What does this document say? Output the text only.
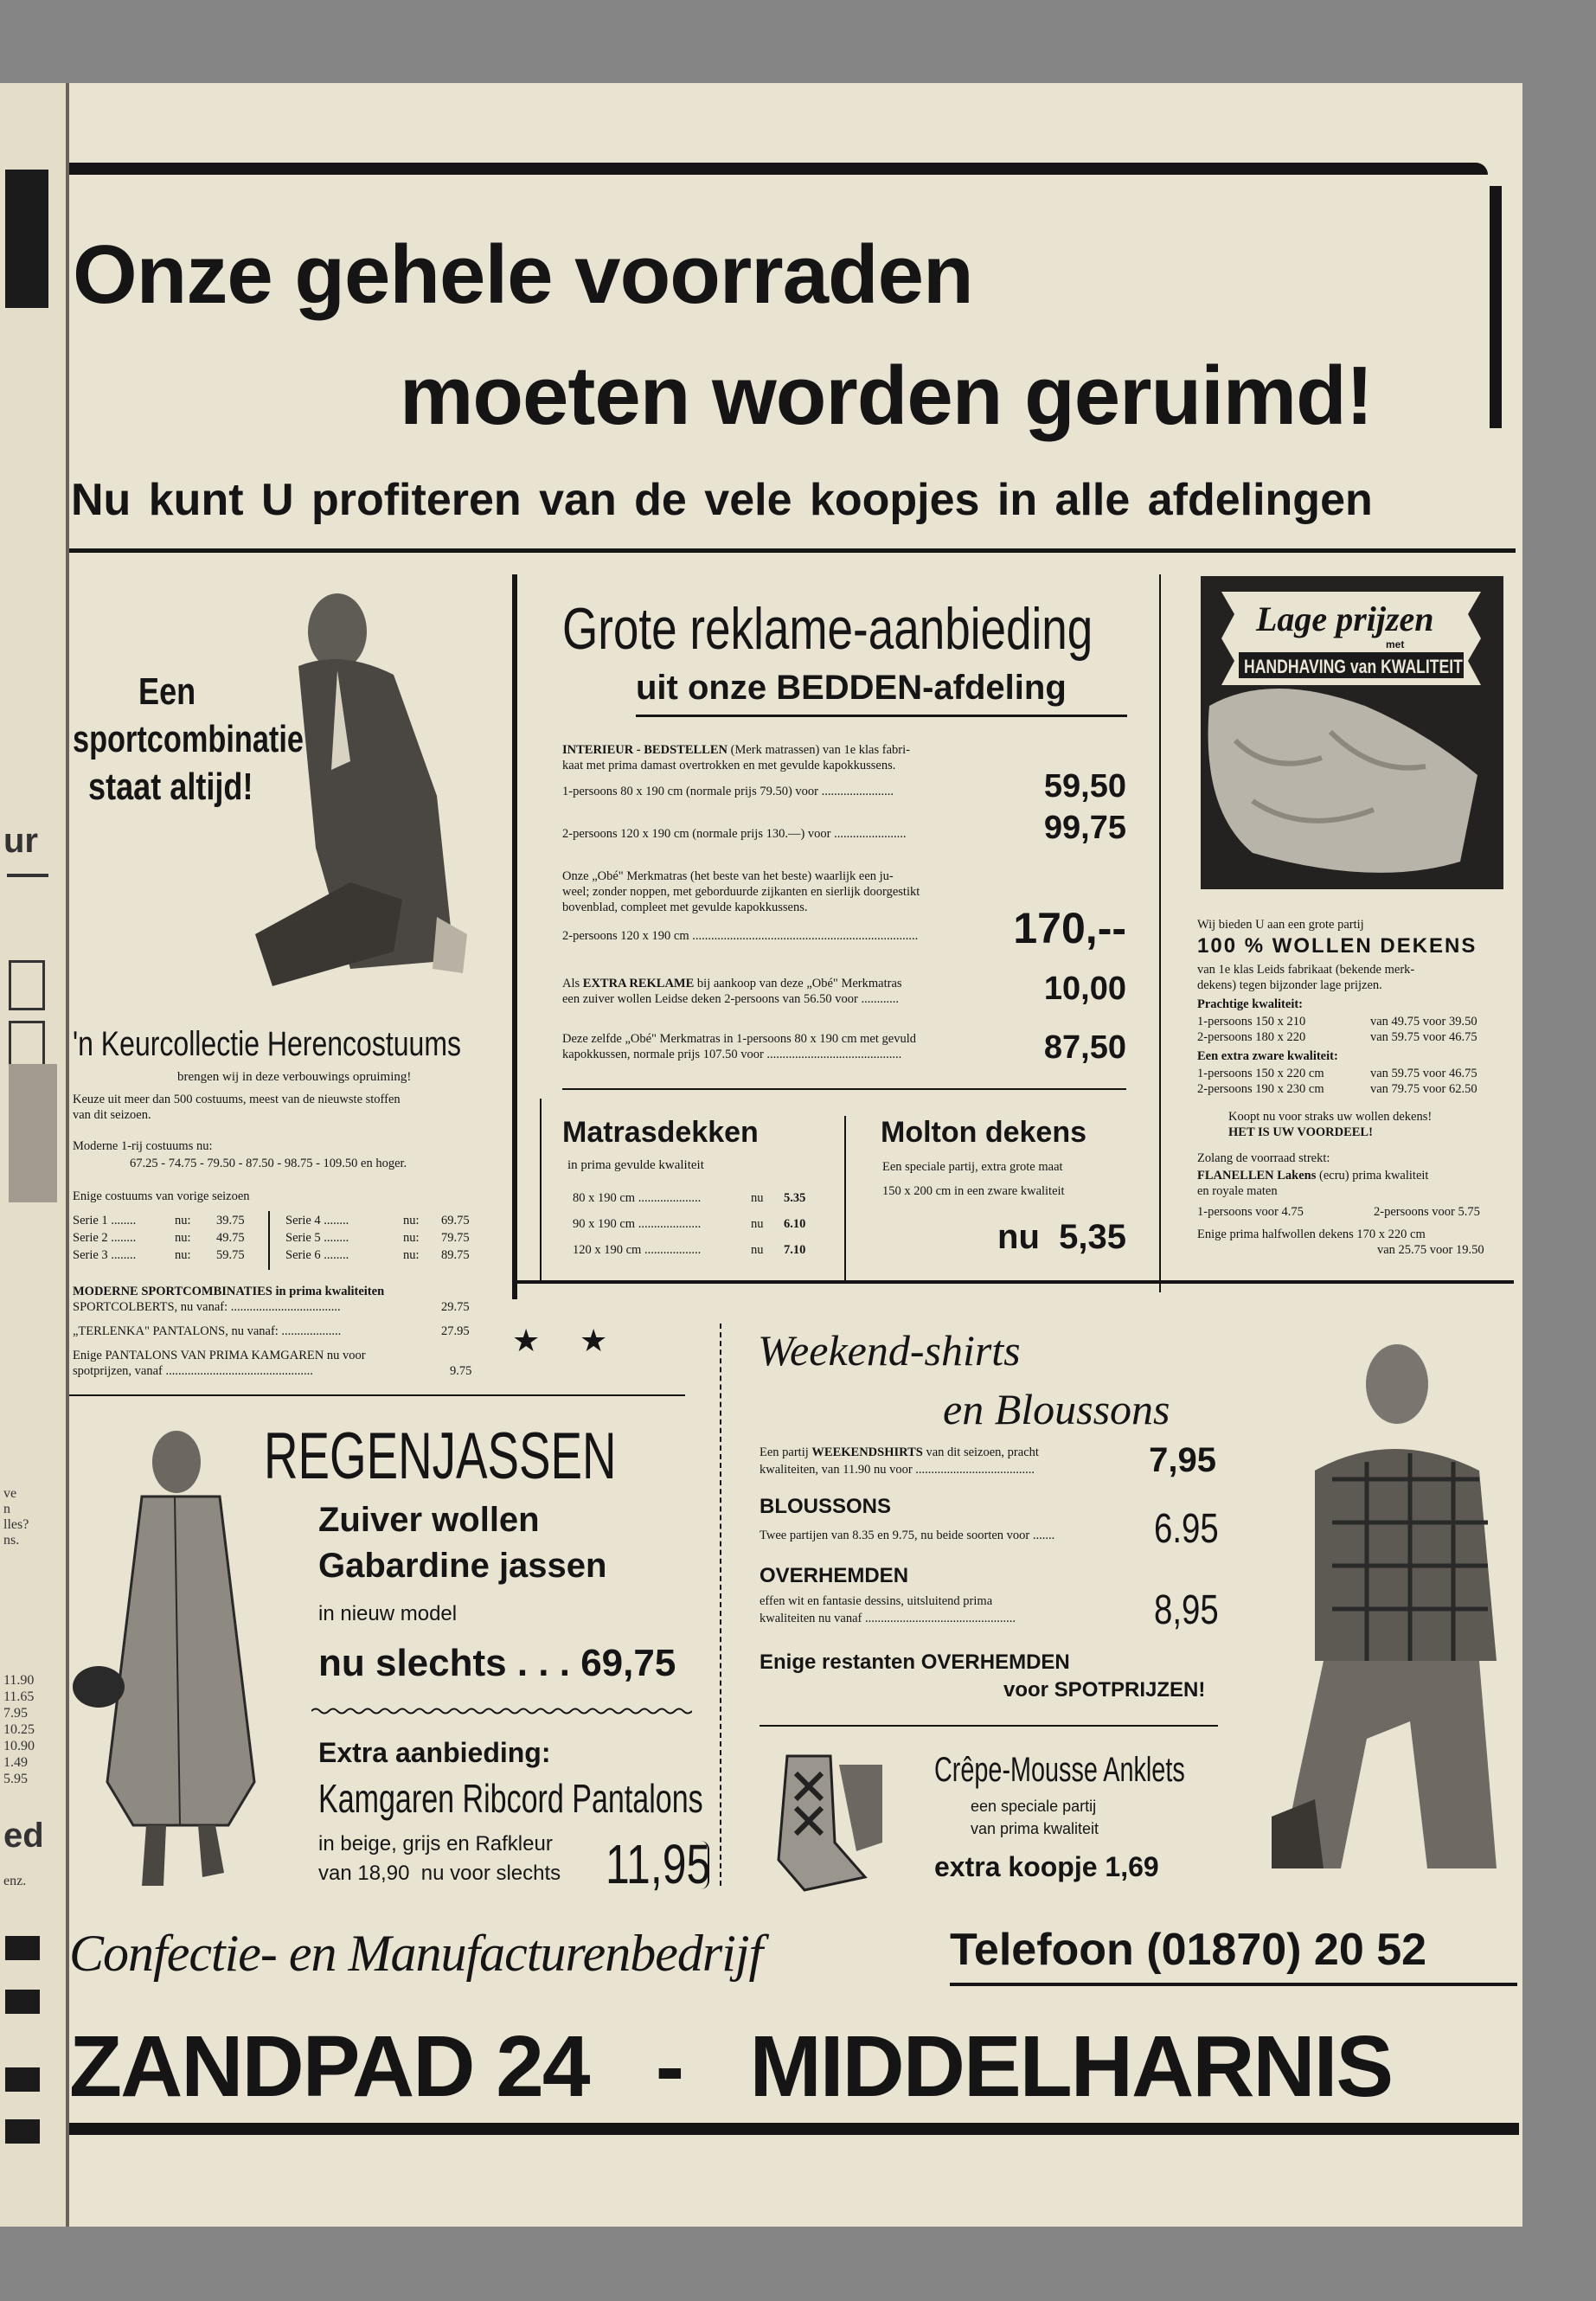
ur
ve
n
lles?
ns.
11.90
11.65
7.95
10.25
10.90
1.49
5.95
ed
enz.
Onze gehele voorraden
moeten worden geruimd!
Nu kunt U profiteren van de vele koopjes in alle afdelingen
Een
sportcombinatie
staat altijd!
'n Keurcollectie Herencostuums
brengen wij in deze verbouwings opruiming!
Keuze uit meer dan 500 costuums, meest van de nieuwste stoffen
van dit seizoen.
Moderne 1-rij costuums nu:
67.25 - 74.75 - 79.50 - 87.50 - 98.75 - 109.50 en hoger.
Enige costuums van vorige seizoen
Serie 1 ........	nu: 39.75
Serie 2 ........	nu: 49.75
Serie 3 ........	nu: 59.75
Serie 4 ........	nu: 69.75
Serie 5 ........	nu: 79.75
Serie 6 ........	nu: 89.75
MODERNE SPORTCOMBINATIES in prima kwaliteiten
SPORTCOLBERTS, nu vanaf: ...................................	29.75
„TERLENKA" PANTALONS, nu vanaf: ...................	27.95
Enige PANTALONS VAN PRIMA KAMGAREN nu voor
spotprijzen, vanaf ...............................................	9.75
★    ★
Grote reklame-aanbieding
uit onze BEDDEN-afdeling
INTERIEUR - BEDSTELLEN (Merk matrassen) van 1e klas fabri-
kaat met prima damast overtrokken en met gevulde kapokkussens.
1-persoons 80 x 190 cm (normale prijs 79.50) voor .......................	59,50
2-persoons 120 x 190 cm (normale prijs 130.—) voor .......................	99,75
Onze „Obé" Merkmatras (het beste van het beste) waarlijk een ju-
weel; zonder noppen, met geborduurde zijkanten en sierlijk doorgestikt
bovenblad, compleet met gevulde kapokkussens.
2-persoons 120 x 190 cm ........................................................................	170,--
Als EXTRA REKLAME bij aankoop van deze „Obé" Merkmatras
een zuiver wollen Leidse deken 2-persoons van 56.50 voor ............	10,00
Deze zelfde „Obé" Merkmatras in 1-persoons 80 x 190 cm met gevuld
kapokkussen, normale prijs 107.50 voor ...........................................	87,50
Matrasdekken
in prima gevulde kwaliteit
80 x 190 cm ....................	nu 5.35
90 x 190 cm ....................	nu 6.10
120 x 190 cm ..................	nu 7.10
Molton dekens
Een speciale partij, extra grote maat
150 x 200 cm in een zware kwaliteit
nu  5,35
Lage prijzen
met
HANDHAVING van KWALITEIT
Wij bieden U aan een grote partij
100 % WOLLEN DEKENS
van 1e klas Leids fabrikaat (bekende merk-
dekens) tegen bijzonder lage prijzen.
Prachtige kwaliteit:
1-persoons 150 x 210	van 49.75 voor 39.50
2-persoons 180 x 220	van 59.75 voor 46.75
Een extra zware kwaliteit:
1-persoons 150 x 220 cm	van 59.75 voor 46.75
2-persoons 190 x 230 cm	van 79.75 voor 62.50
Koopt nu voor straks uw wollen dekens!
HET IS UW VOORDEEL!
Zolang de voorraad strekt:
FLANELLEN Lakens (ecru) prima kwaliteit
en royale maten
1-persoons voor 4.75	2-persoons voor 5.75
Enige prima halfwollen dekens 170 x 220 cm
van 25.75 voor 19.50
REGENJASSEN
Zuiver wollen
Gabardine jassen
in nieuw model
nu slechts . . . 69,75
Extra aanbieding:
Kamgaren Ribcord Pantalons
in beige, grijs en Rafkleur
van 18,90  nu voor slechts 11,95
Weekend-shirts
en Bloussons
Een partij WEEKENDSHIRTS van dit seizoen, pracht
kwaliteiten, van 11.90 nu voor ......................................	7,95
BLOUSSONS
Twee partijen van 8.35 en 9.75, nu beide soorten voor ....... 6.95
OVERHEMDEN
effen wit en fantasie dessins, uitsluitend prima
kwaliteiten nu vanaf ................................................	8,95
Enige restanten OVERHEMDEN
voor SPOTPRIJZEN!
Crêpe-Mousse Anklets
een speciale partij
van prima kwaliteit
extra koopje 1,69
Confectie- en Manufacturenbedrijf	Telefoon (01870) 20 52
ZANDPAD 24   -   MIDDELHARNIS
